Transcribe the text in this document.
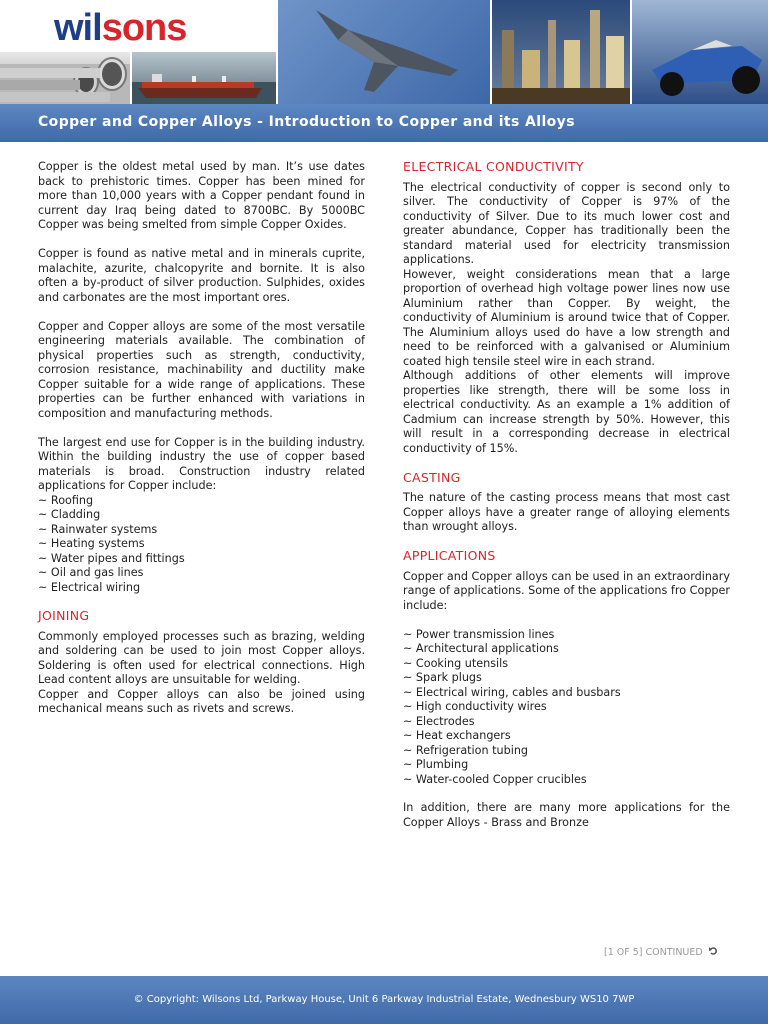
wilsons
Copper and Copper Alloys - Introduction to Copper and its Alloys

Copper is the oldest metal used by man. It’s use dates back to prehistoric times. Copper has been mined for more than 10,000 years with a Copper pendant found in current day Iraq being dated to 8700BC. By 5000BC Copper was being smelted from simple Copper Oxides.

Copper is found as native metal and in minerals cuprite, malachite, azurite, chalcopyrite and bornite. It is also often a by-product of silver production. Sulphides, oxides and carbonates are the most important ores.

Copper and Copper alloys are some of the most versatile engineering materials available. The combination of physical properties such as strength, conductivity, corrosion resistance, machinability and ductility make Copper suitable for a wide range of applications. These properties can be further enhanced with variations in composition and manufacturing methods.

The largest end use for Copper is in the building industry. Within the building industry the use of copper based materials is broad. Construction industry related applications for Copper include:

~ Roofing
~ Cladding
~ Rainwater systems
~ Heating systems
~ Water pipes and fittings
~ Oil and gas lines
~ Electrical wiring
JOINING

Commonly employed processes such as brazing, welding and soldering can be used to join most Copper alloys. Soldering is often used for electrical connections. High Lead content alloys are unsuitable for welding.

Copper and Copper alloys can also be joined using mechanical means such as rivets and screws.

ELECTRICAL CONDUCTIVITY

The electrical conductivity of copper is second only to silver. The conductivity of Copper is 97% of the conductivity of Silver. Due to its much lower cost and greater abundance, Copper has traditionally been the standard material used for electricity transmission applications.

However, weight considerations mean that a large proportion of overhead high voltage power lines now use Aluminium rather than Copper. By weight, the conductivity of Aluminium is around twice that of Copper. The Aluminium alloys used do have a low strength and need to be reinforced with a galvanised or Aluminium coated high tensile steel wire in each strand.

Although additions of other elements will improve properties like strength, there will be some loss in electrical conductivity. As an example a 1% addition of Cadmium can increase strength by 50%. However, this will result in a corresponding decrease in electrical conductivity of 15%.

CASTING

The nature of the casting process means that most cast Copper alloys have a greater range of alloying elements than wrought alloys.

APPLICATIONS

Copper and Copper alloys can be used in an extraordinary range of applications. Some of the applications fro Copper include:

~ Power transmission lines
~ Architectural applications
~ Cooking utensils
~ Spark plugs
~ Electrical wiring, cables and busbars
~ High conductivity wires
~ Electrodes
~ Heat exchangers
~ Refrigeration tubing
~ Plumbing
~ Water-cooled Copper crucibles

In addition, there are many more applications for the Copper Alloys - Brass and Bronze

[1 OF 5] CONTINUED
© Copyright: Wilsons Ltd, Parkway House, Unit 6 Parkway Industrial Estate, Wednesbury WS10 7WP
